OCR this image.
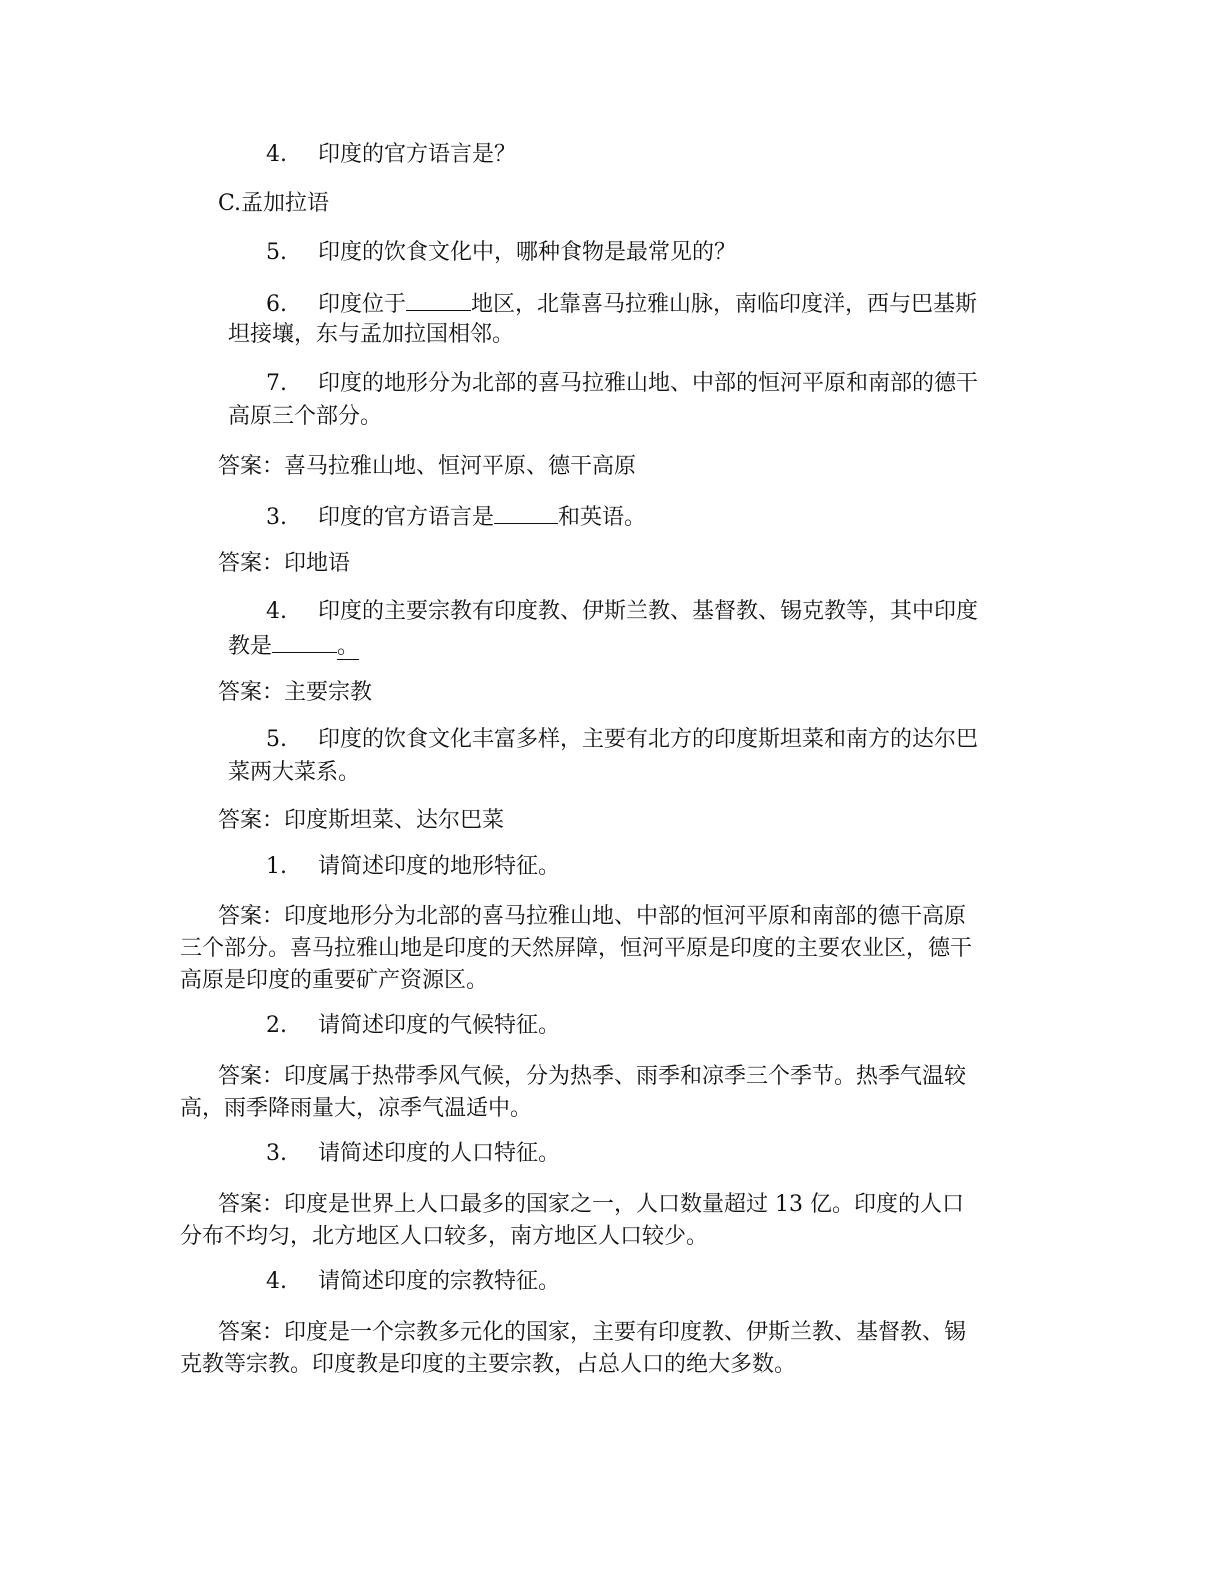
4. 印度的官方语言是？
C.孟加拉语
5. 印度的饮食文化中，哪种食物是最常见的？
6. 印度位于	地区，北靠喜马拉雅山脉，南临印度洋，西与巴基斯
坦接壤，东与孟加拉国相邻。
7. 印度的地形分为北部的喜马拉雅山地、中部的恒河平原和南部的德干
高原三个部分。
答案：喜马拉雅山地、恒河平原、德干高原
3. 印度的官方语言是	和英语。
答案：印地语
4. 印度的主要宗教有印度教、伊斯兰教、基督教、锡克教等，其中印度
教是	。
答案：主要宗教
5. 印度的饮食文化丰富多样，主要有北方的印度斯坦菜和南方的达尔巴
菜两大菜系。
答案：印度斯坦菜、达尔巴菜
1. 请简述印度的地形特征。
答案：印度地形分为北部的喜马拉雅山地、中部的恒河平原和南部的德干高原
三个部分。喜马拉雅山地是印度的天然屏障，恒河平原是印度的主要农业区，德干
高原是印度的重要矿产资源区。
2. 请简述印度的气候特征。
答案：印度属于热带季风气候，分为热季、雨季和凉季三个季节。热季气温较
高，雨季降雨量大，凉季气温适中。
3. 请简述印度的人口特征。
答案：印度是世界上人口最多的国家之一，人口数量超过 13 亿。印度的人口
分布不均匀，北方地区人口较多，南方地区人口较少。
4. 请简述印度的宗教特征。
答案：印度是一个宗教多元化的国家，主要有印度教、伊斯兰教、基督教、锡
克教等宗教。印度教是印度的主要宗教，占总人口的绝大多数。
